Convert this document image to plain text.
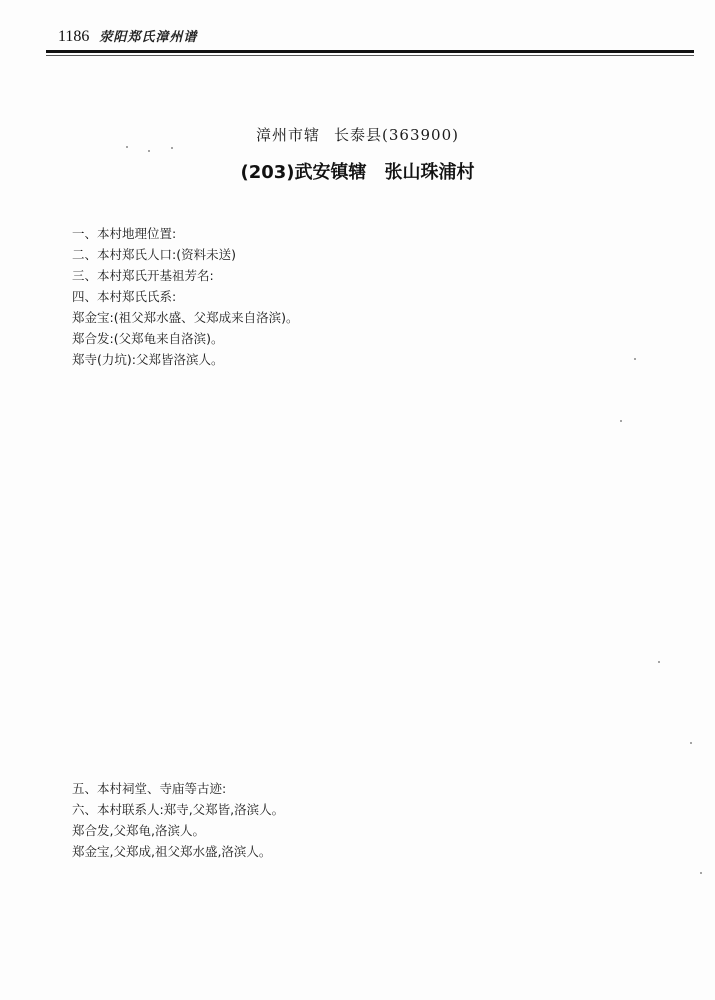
1186 荥阳郑氏漳州谱
漳州市辖 长泰县(363900)
(203)武安镇辖 张山珠浦村
一、本村地理位置:
二、本村郑氏人口:(资料未送)
三、本村郑氏开基祖芳名:
四、本村郑氏氏系:
郑金宝:(祖父郑水盛、父郑成来自洛滨)。
郑合发:(父郑龟来自洛滨)。
郑寺(力坑):父郑皆洛滨人。
五、本村祠堂、寺庙等古迹:
六、本村联系人:郑寺,父郑皆,洛滨人。
郑合发,父郑龟,洛滨人。
郑金宝,父郑成,祖父郑水盛,洛滨人。
